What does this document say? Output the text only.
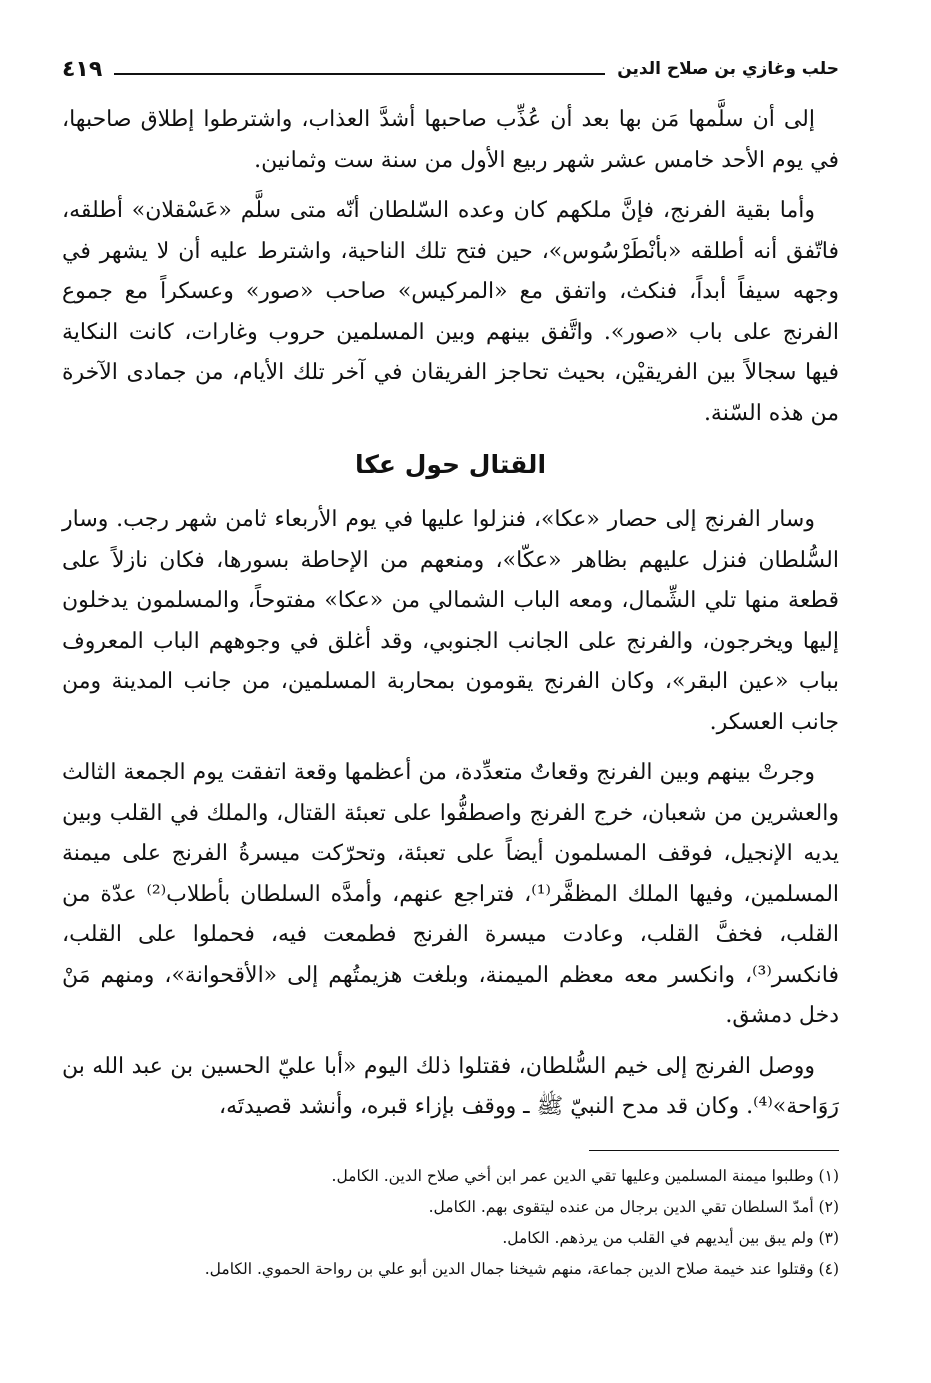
حلب وغازي بن صلاح الدين
٤١٩

إلى أن سلَّمها مَن بها بعد أن عُذِّب صاحبها أشدَّ العذاب، واشترطوا إطلاق صاحبها، في يوم الأحد خامس عشر شهر ربيع الأول من سنة ست وثمانين.

وأما بقية الفرنج، فإنَّ ملكهم كان وعده السّلطان أنّه متى سلَّم «عَسْقلان» أطلقه، فاتّفق أنه أطلقه «بأنْطَرْسُوس»، حين فتح تلك الناحية، واشترط عليه أن لا يشهر في وجهه سيفاً أبداً، فنكث، واتفق مع «المركيس» صاحب «صور» وعسكراً مع جموع الفرنج على باب «صور». واتَّفق بينهم وبين المسلمين حروب وغارات، كانت النكاية فيها سجالاً بين الفريقيْن، بحيث تحاجز الفريقان في آخر تلك الأيام، من جمادى الآخرة من هذه السّنة.

القتال حول عكا

وسار الفرنج إلى حصار «عكا»، فنزلوا عليها في يوم الأربعاء ثامن شهر رجب. وسار السُّلطان فنزل عليهم بظاهر «عكّا»، ومنعهم من الإحاطة بسورها، فكان نازلاً على قطعة منها تلي الشِّمال، ومعه الباب الشمالي من «عكا» مفتوحاً، والمسلمون يدخلون إليها ويخرجون، والفرنج على الجانب الجنوبي، وقد أغلق في وجوههم الباب المعروف بباب «عين البقر»، وكان الفرنج يقومون بمحاربة المسلمين، من جانب المدينة ومن جانب العسكر.

وجرتْ بينهم وبين الفرنج وقعاتٌ متعدِّدة، من أعظمها وقعة اتفقت يوم الجمعة الثالث والعشرين من شعبان، خرج الفرنج واصطفُّوا على تعبئة القتال، والملك في القلب وبين يديه الإنجيل، فوقف المسلمون أيضاً على تعبئة، وتحرّكت ميسرةُ الفرنج على ميمنة المسلمين، وفيها الملك المظفَّر⁽¹⁾، فتراجع عنهم، وأمدَّه السلطان بأطلاب⁽²⁾ عدّة من القلب، فخفَّ القلب، وعادت ميسرة الفرنج فطمعت فيه، فحملوا على القلب، فانكسر⁽³⁾، وانكسر معه معظم الميمنة، وبلغت هزيمتُهم إلى «الأقحوانة»، ومنهم مَنْ دخل دمشق.

ووصل الفرنج إلى خيم السُّلطان، فقتلوا ذلك اليوم «أبا عليّ الحسين بن عبد الله بن رَوَاحة»⁽⁴⁾. وكان قد مدح النبيّ ﷺ ـ ووقف بإزاء قبره، وأنشد قصيدتَه،

(١) وطلبوا ميمنة المسلمين وعليها تقي الدين عمر ابن أخي صلاح الدين. الكامل.
(٢) أمدّ السلطان تقي الدين برجال من عنده ليتقوى بهم. الكامل.
(٣) ولم يبق بين أيديهم في القلب من يرذهم. الكامل.
(٤) وقتلوا عند خيمة صلاح الدين جماعة، منهم شيخنا جمال الدين أبو علي بن رواحة الحموي. الكامل.
